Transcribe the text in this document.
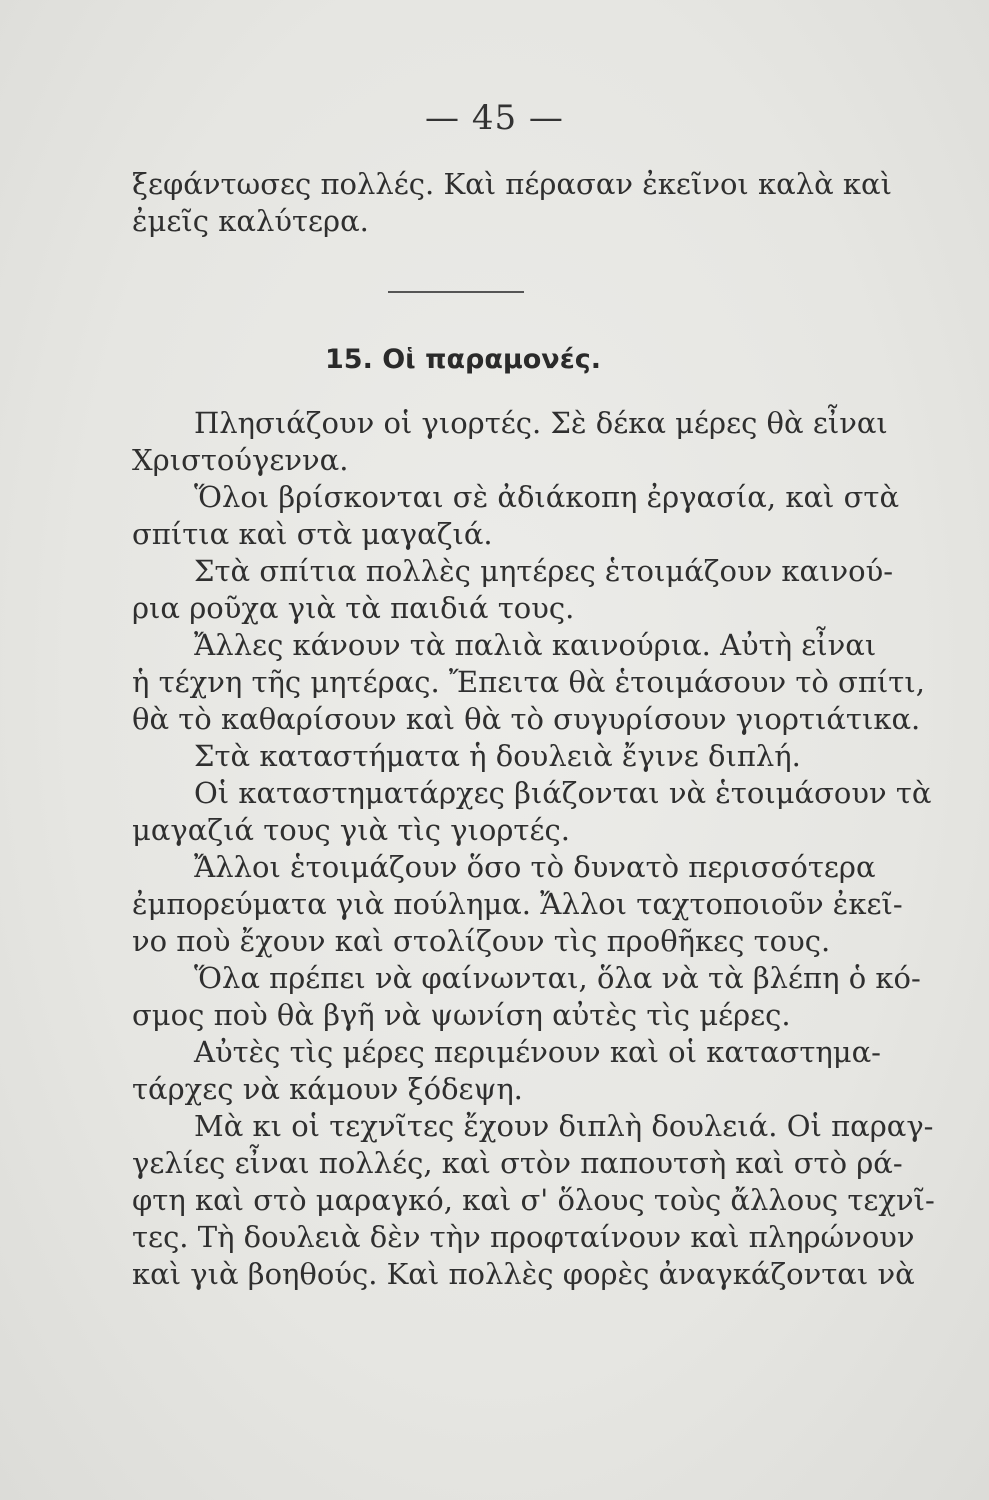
— 45 —
ξεφάντωσες πολλές. Καὶ πέρασαν ἐκεῖνοι καλὰ καὶ
ἐμεῖς καλύτερα.
15. Οἱ παραμονές.
Πλησιάζουν οἱ γιορτές. Σὲ δέκα μέρες θὰ εἶναι
Χριστούγεννα.
Ὅλοι βρίσκονται σὲ ἀδιάκοπη ἐργασία, καὶ στὰ
σπίτια καὶ στὰ μαγαζιά.
Στὰ σπίτια πολλὲς μητέρες ἑτοιμάζουν καινού-
ρια ροῦχα γιὰ τὰ παιδιά τους.
Ἄλλες κάνουν τὰ παλιὰ καινούρια. Αὐτὴ εἶναι
ἡ τέχνη τῆς μητέρας. Ἔπειτα θὰ ἑτοιμάσουν τὸ σπίτι,
θὰ τὸ καθαρίσουν καὶ θὰ τὸ συγυρίσουν γιορτιάτικα.
Στὰ καταστήματα ἡ δουλειὰ ἔγινε διπλή.
Οἱ καταστηματάρχες βιάζονται νὰ ἑτοιμάσουν τὰ
μαγαζιά τους γιὰ τὶς γιορτές.
Ἄλλοι ἑτοιμάζουν ὅσο τὸ δυνατὸ περισσότερα
ἐμπορεύματα γιὰ πούλημα. Ἄλλοι ταχτοποιοῦν ἐκεῖ-
νο ποὺ ἔχουν καὶ στολίζουν τὶς προθῆκες τους.
Ὅλα πρέπει νὰ φαίνωνται, ὅλα νὰ τὰ βλέπη ὁ κό-
σμος ποὺ θὰ βγῆ νὰ ψωνίση αὐτὲς τὶς μέρες.
Αὐτὲς τὶς μέρες περιμένουν καὶ οἱ καταστημα-
τάρχες νὰ κάμουν ξόδεψη.
Μὰ κι οἱ τεχνῖτες ἔχουν διπλὴ δουλειά. Οἱ παραγ-
γελίες εἶναι πολλές, καὶ στὸν παπουτσὴ καὶ στὸ ρά-
φτη καὶ στὸ μαραγκό, καὶ σ' ὅλους τοὺς ἄλλους τεχνῖ-
τες. Τὴ δουλειὰ δὲν τὴν προφταίνουν καὶ πληρώνουν
καὶ γιὰ βοηθούς. Καὶ πολλὲς φορὲς ἀναγκάζονται νὰ
